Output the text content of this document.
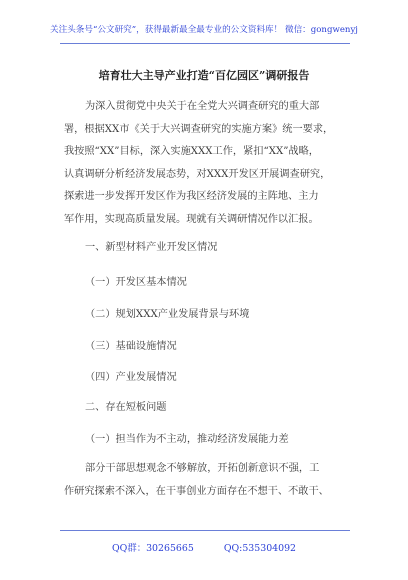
关注头条号“公文研究”，获得最新最全最专业的公文资料库！ 微信：gongwenyj
培育壮大主导产业打造“百亿园区”调研报告
为深入贯彻党中央关于在全党大兴调查研究的重大部
署，根据XX市《关于大兴调查研究的实施方案》统一要求，
我按照“XX”目标，深入实施XXX工作，紧扣“XX”战略，
认真调研分析经济发展态势，对XXX开发区开展调查研究，
探索进一步发挥开发区作为我区经济发展的主阵地、主力
军作用，实现高质量发展。现就有关调研情况作以汇报。
一、新型材料产业开发区情况
（一）开发区基本情况
（二）规划XXX产业发展背景与环境
（三）基础设施情况
（四）产业发展情况
二、存在短板问题
（一）担当作为不主动，推动经济发展能力差
部分干部思想观念不够解放，开拓创新意识不强，工
作研究探索不深入，在干事创业方面存在不想干、不敢干、
QQ群：30265665	QQ:535304092
